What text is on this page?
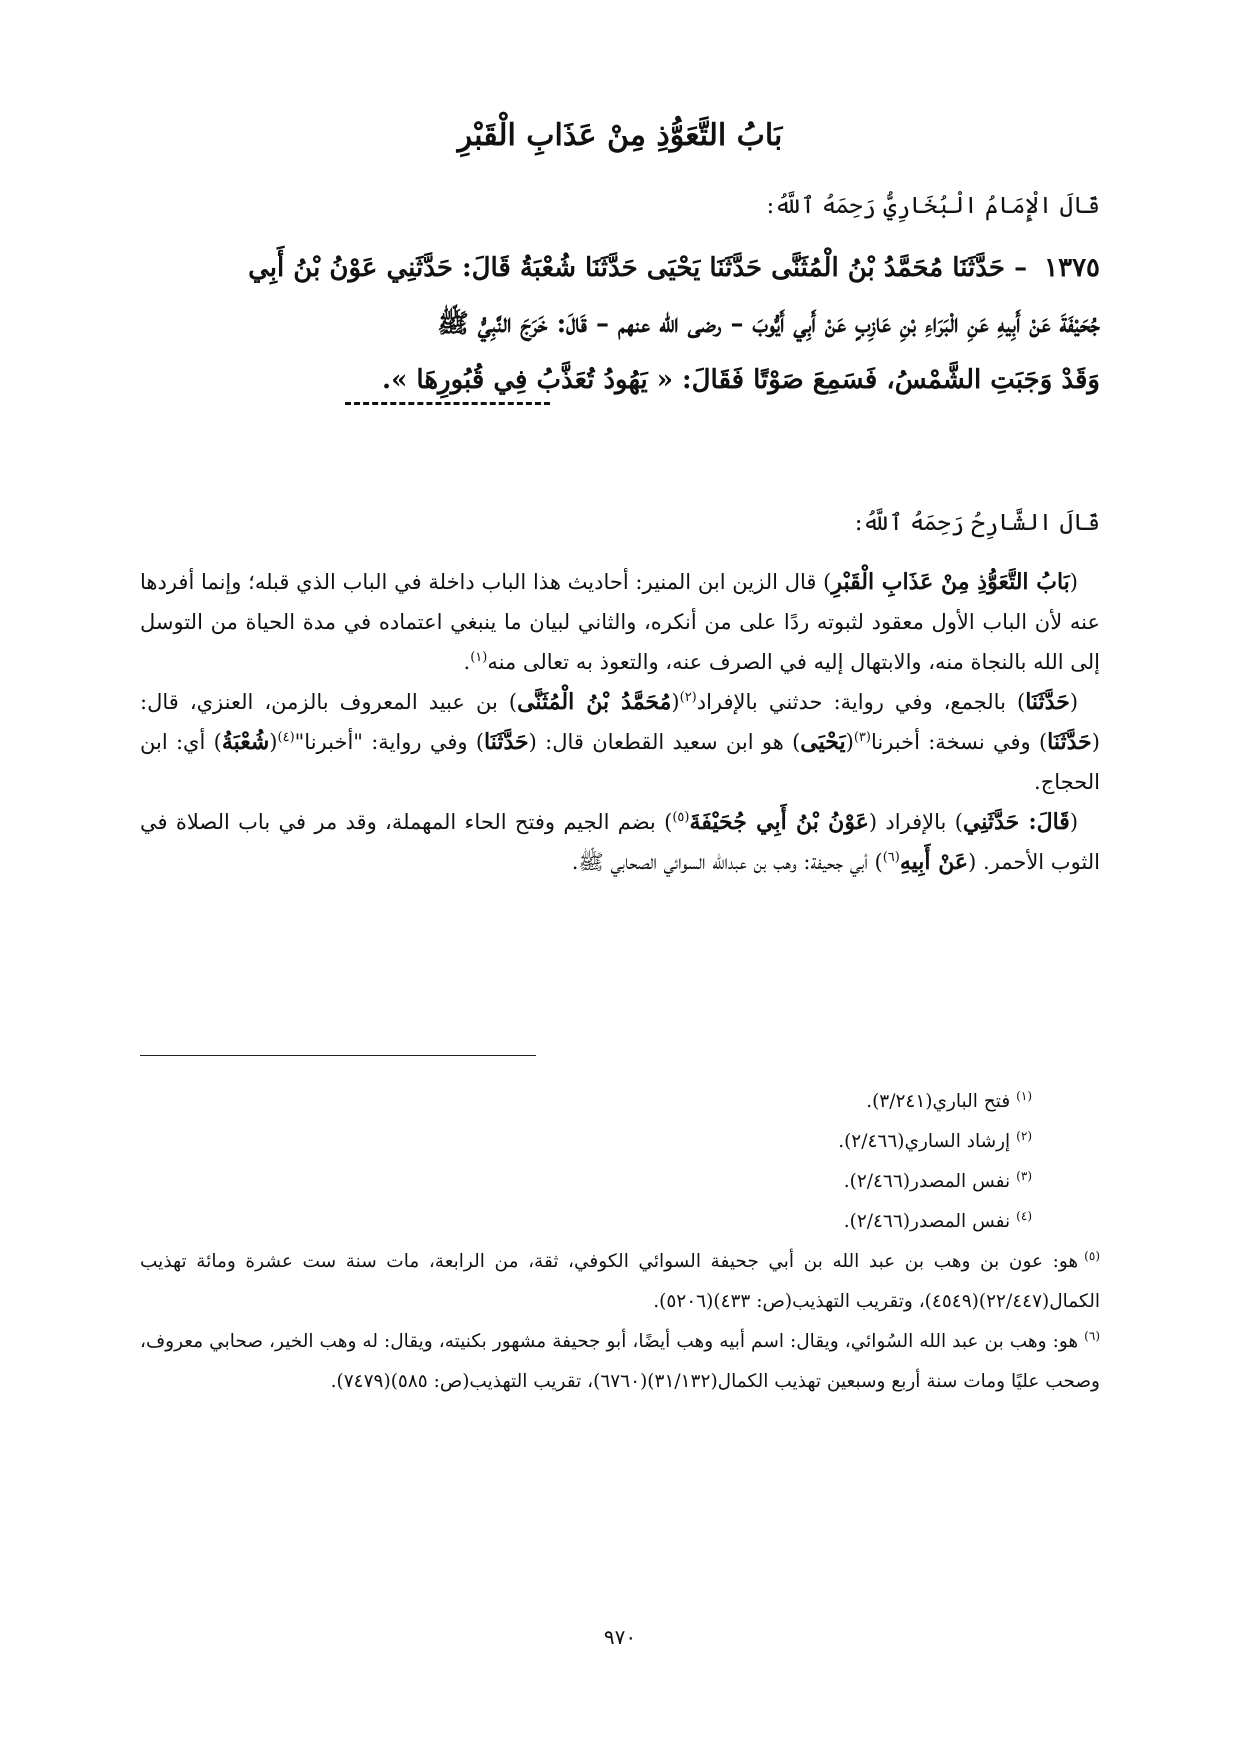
بَابُ التَّعَوُّذِ مِنْ عَذَابِ الْقَبْرِ

قَالَ الْإِمَامُ الْبُخَارِيُّ رَحِمَهُ ٱللَّهُ:

١٣٧٥ – حَدَّثَنَا مُحَمَّدُ بْنُ الْمُثَنَّى حَدَّثَنَا يَحْيَى حَدَّثَنَا شُعْبَةُ قَالَ: حَدَّثَنِي عَوْنُ بْنُ أَبِي
جُحَيْفَةَ عَنْ أَبِيهِ عَنِ الْبَرَاءِ بْنِ عَازِبٍ عَنْ أَبِي أَيُّوبَ – رضى الله عنهم – قَالَ: خَرَجَ النَّبِيُّ ﷺ
وَقَدْ وَجَبَتِ الشَّمْسُ، فَسَمِعَ صَوْتًا فَقَالَ: « يَهُودُ تُعَذَّبُ فِي قُبُورِهَا ».

قَالَ الشَّارِحُ رَحِمَهُ ٱللَّهُ:

(بَابُ التَّعَوُّذِ مِنْ عَذَابِ الْقَبْرِ) قال الزين ابن المنير: أحاديث هذا الباب داخلة في الباب الذي قبله؛ وإنما أفردها عنه لأن الباب الأول معقود لثبوته ردًا على من أنكره، والثاني لبيان ما ينبغي اعتماده في مدة الحياة من التوسل إلى الله بالنجاة منه، والابتهال إليه في الصرف عنه، والتعوذ به تعالى منه$^{(١)}$.

(حَدَّثَنَا) بالجمع، وفي رواية: حدثني بالإفراد$^{(٢)}$(مُحَمَّدُ بْنُ الْمُثَنَّى) بن عبيد المعروف بالزمن، العنزي، قال: (حَدَّثَنَا) وفي نسخة: أخبرنا$^{(٣)}$(يَحْيَى) هو ابن سعيد القطعان قال: (حَدَّثَنَا) وفي رواية: "أخبرنا"$^{(٤)}$(شُعْبَةُ) أي: ابن الحجاج.

(قَالَ: حَدَّثَنِي) بالإفراد (عَوْنُ بْنُ أَبِي جُحَيْفَةَ$^{(٥)}$) بضم الجيم وفتح الحاء المهملة، وقد مر في باب الصلاة في الثوب الأحمر. (عَنْ أَبِيهِ$^{(٦)}$) أبي جحيفة: وهب بن عبدالله السوائي الصحابي ﷺ.

$^{(١)}$فتح الباري(٣/٢٤١).

$^{(٢)}$إرشاد الساري(٢/٤٦٦).

$^{(٣)}$نفس المصدر(٢/٤٦٦).

$^{(٤)}$نفس المصدر(٢/٤٦٦).

$^{(٥)}$هو: عون بن وهب بن عبد الله بن أبي جحيفة السوائي الكوفي، ثقة، من الرابعة، مات سنة ست عشرة ومائة تهذيب الكمال(٢٢/٤٤٧)(٤٥٤٩)، وتقريب التهذيب(ص: ٤٣٣)(٥٢٠٦).

$^{(٦)}$هو: وهب بن عبد الله السُوائي، ويقال: اسم أبيه وهب أيضًا، أبو جحيفة مشهور بكنيته، ويقال: له وهب الخير، صحابي معروف، وصحب عليًا ومات سنة أربع وسبعين تهذيب الكمال(٣١/١٣٢)(٦٧٦٠)، تقريب التهذيب(ص: ٥٨٥)(٧٤٧٩).

٩٧٠
